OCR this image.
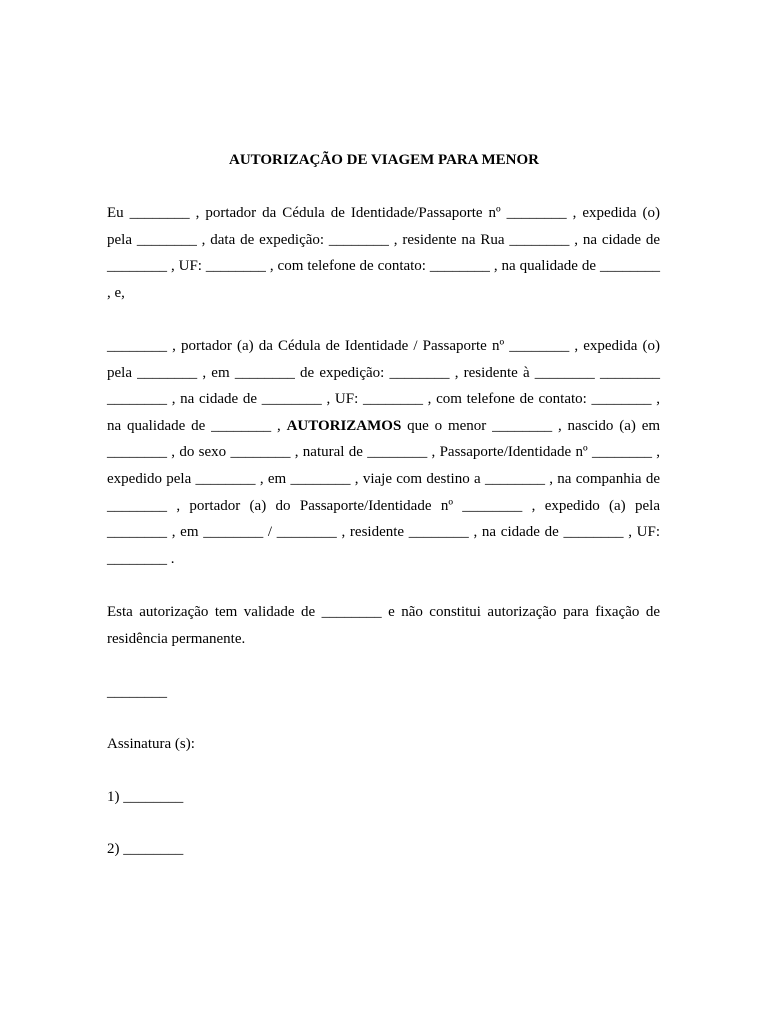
AUTORIZAÇÃO DE VIAGEM PARA MENOR
Eu ________ , portador da Cédula de Identidade/Passaporte nº ________ , expedida (o) pela ________ , data de expedição: ________ , residente na Rua ________ , na cidade de ________ , UF: ________ , com telefone de contato: ________ , na qualidade de ________ , e,
________ , portador (a) da Cédula de Identidade / Passaporte nº ________ , expedida (o) pela ________ , em ________ de expedição: ________ , residente à ________ ________ ________ , na cidade de ________ , UF: ________ , com telefone de contato: ________ , na qualidade de ________ , AUTORIZAMOS que o menor ________ , nascido (a) em ________ , do sexo ________ , natural de ________ , Passaporte/Identidade nº ________ , expedido pela ________ , em ________ , viaje com destino a ________ , na companhia de ________ , portador (a) do Passaporte/Identidade nº ________ , expedido (a) pela ________ , em ________ / ________ , residente ________ , na cidade de ________ , UF: ________ .
Esta autorização tem validade de ________ e não constitui autorização para fixação de residência permanente.
________
Assinatura (s):
1) ________
2) ________
